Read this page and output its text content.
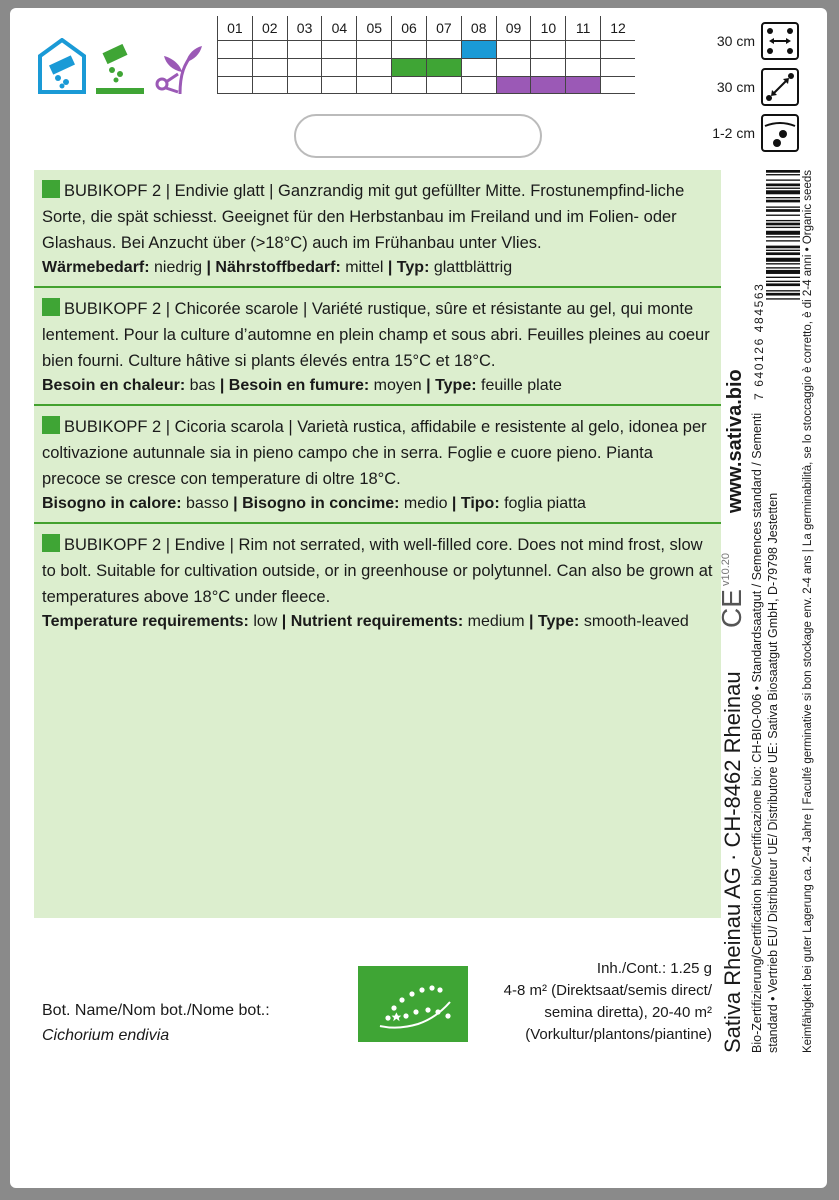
01	02	03	04	05	06	07	08	09	10	11	12
30 cm
30 cm
1-2 cm
BUBIKOPF 2 | Endivie glatt | Ganzrandig mit gut gefüllter Mitte. Frostunempfind-liche Sorte, die spät schiesst. Geeignet für den Herbstanbau im Freiland und im Folien- oder Glashaus. Bei Anzucht über (>18°C) auch im Frühanbau unter Vlies.
Wärmebedarf: niedrig | Nährstoffbedarf: mittel | Typ: glattblättrig
BUBIKOPF 2 | Chicorée scarole | Variété rustique, sûre et résistante au gel, qui monte lentement. Pour la culture d’automne en plein champ et sous abri. Feuilles pleines au coeur bien fourni. Culture hâtive si plants élevés entra 15°C et 18°C.
Besoin en chaleur: bas | Besoin en fumure: moyen | Type: feuille plate
BUBIKOPF 2 | Cicoria scarola | Varietà rustica, affidabile e resistente al gelo, idonea per coltivazione autunnale sia in pieno campo che in serra. Foglie e cuore pieno. Pianta precoce se cresce con temperature di oltre 18°C.
Bisogno in calore: basso | Bisogno in concime: medio | Tipo: foglia piatta
BUBIKOPF 2 | Endive | Rim not serrated, with well-filled core. Does not mind frost, slow to bolt. Suitable for cultivation outside, or in greenhouse or polytunnel. Can also be grown at temperatures above 18°C under fleece.
Temperature requirements: low | Nutrient requirements: medium | Type: smooth-leaved
Sativa Rheinau AG · CH-8462 Rheinau Bio-Zertifizierung/Certification bio/Certificazione bio: CH-BIO-006 • Standardsaatgut / Semences standard / Sementi standard • Vertrieb EU/ Distributeur UE/ Distributore UE: Sativa Biosaatgut GmbH, D-79798 Jestetten Keimfähigkeit bei guter Lagerung ca. 2-4 Jahre | Faculté germinative si bon stockage env. 2-4 ans | La germinabilità, se lo stoccaggio è corretto, è di 2-4 anni • Organic seeds
www.sativa.bio
v10.20
CE
7 640126 484563
Bot. Name/Nom bot./Nome bot.:
Cichorium endivia
Inh./Cont.: 1.25 g
4-8 m² (Direktsaat/semis direct/
semina diretta), 20-40 m²
(Vorkultur/plantons/piantine)
